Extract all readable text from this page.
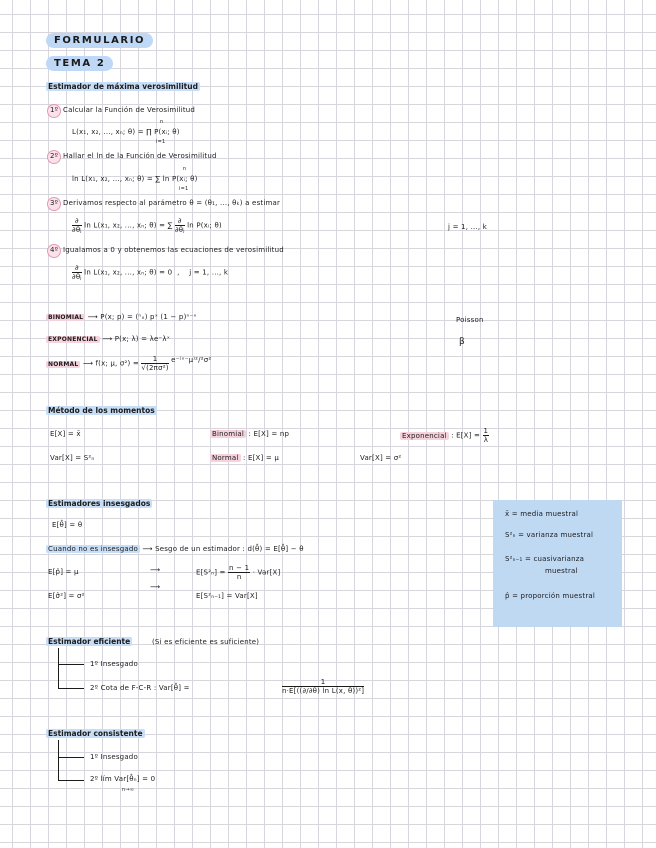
FORMULARIO
TEMA 2
Estimador de máxima verosimilitud
1º Calcular la Función de Verosimilitud
L(x₁, x₂, ..., xₙ; θ) = ∏ P(xᵢ; θ)
n
i=1
2º Hallar el ln de la Función de Verosimilitud
ln L(x₁, x₂, ..., xₙ; θ) = ∑ ln P(xᵢ; θ)
n
i=1
3º Derivamos respecto al parámetro θ = (θ₁, ..., θₖ) a estimar
$\frac{\partial}{\text{∂θⱼ}}$ ln L(x₁, x₂, ..., xₙ; θ) = ∑ $\frac{\partial}{\text{∂θⱼ}}$ ln P(xᵢ; θ)	j = 1, ..., k
4º Igualamos a 0 y obtenemos las ecuaciones de verosimilitud
$\frac{\partial}{\text{∂θⱼ}}$ ln L(x₁, x₂, ..., xₙ; θ) = 0  ,    j = 1, ..., k
BINOMIAL ⟶ P(x; p) = (ⁿₓ) pˣ (1 − p)ⁿ⁻ˣ
EXPONENCIAL ⟶ P(x; λ) = λe⁻λˣ
NORMAL ⟶ f(x; μ, $\sigma^2) = \frac{1}{\text{√(2πσ²)}}$ e⁻⁽ˣ⁻μ⁾²/²σ²
Poisson
β
Método de los momentos
E[X] = x̄
Var[X] = S²ₙ
Binomial : E[X] = np	Exponencial : $E[X] = \frac{1}{\lambda}$
Normal : E[X] = μ	Var[X] = σ²
Estimadores insesgados
E[θ̂] = θ
Cuando no es insesgado ⟶ Sesgo de un estimador : d(θ̂) = E[θ̂] − θ
E[p̂] = μ
E[σ̂²] = σ²
⟶
⟶
$E[S^2_n] = \frac{n - 1}{n} \cdot Var[X]$
E[S²ₙ₋₁] = Var[X]
x̄ = media muestral
S²ₙ = varianza muestral
S²ₙ₋₁ = cuasivarianza
muestral
p̂ = proporción muestral
Estimador eficiente	(Si es eficiente es suficiente)
1º Insesgado
2º Cota de F-C-R : Var[θ̂] =	$\frac{1}{\text{n·E[((∂/∂θ) ln L(x, θ))²]}}$
Estimador consistente
1º Insesgado
2º lím Var[θ̂ₙ] = 0
n→∞
